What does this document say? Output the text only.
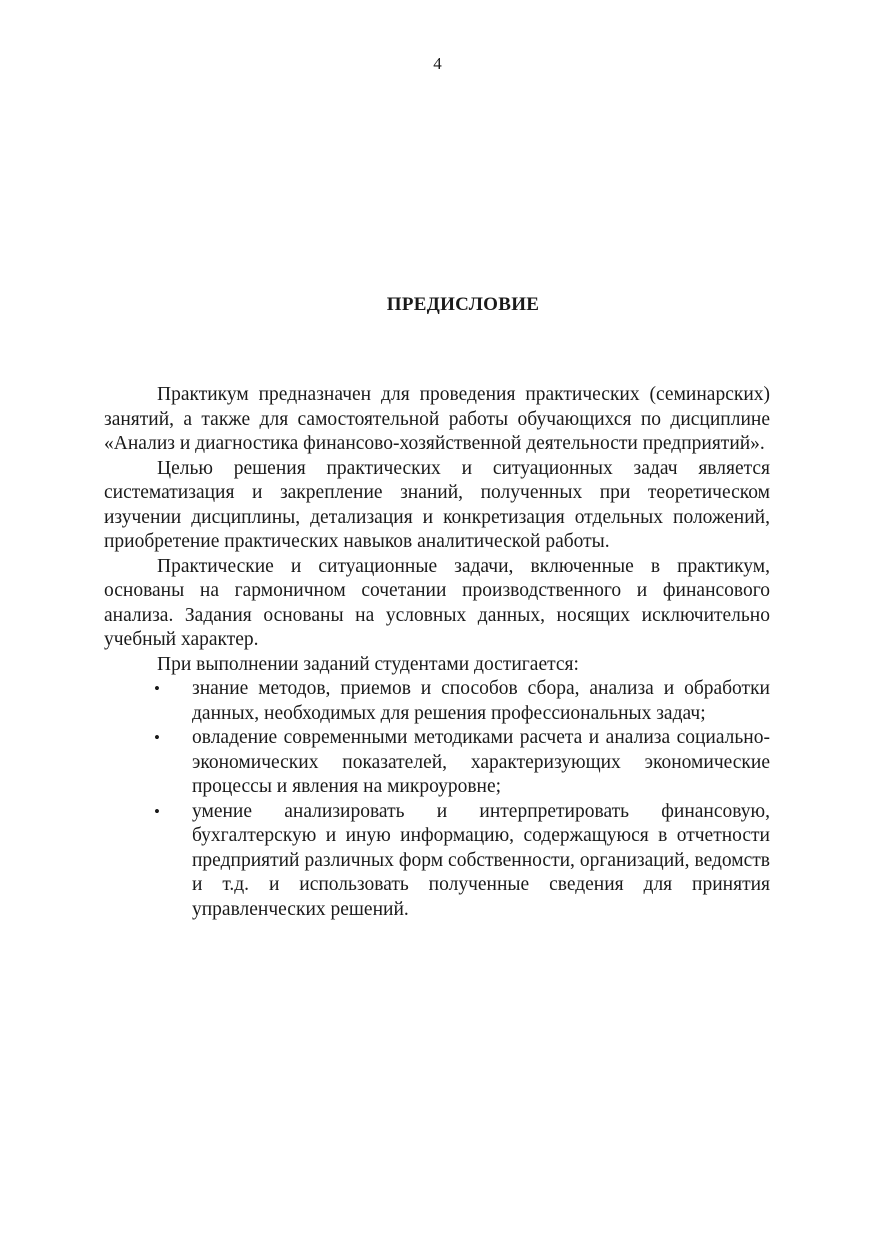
4
ПРЕДИСЛОВИЕ

Практикум предназначен для проведения практических (семинарских) занятий, а также для самостоятельной работы обучающихся по дисциплине «Анализ и диагностика финансово-хозяйственной деятельности предприятий».

Целью решения практических и ситуационных задач является систематизация и закрепление знаний, полученных при теоретическом изучении дисциплины, детализация и конкретизация отдельных положений, приобретение практических навыков аналитической работы.

Практические и ситуационные задачи, включенные в практикум, основаны на гармоничном сочетании производственного и финансового анализа. Задания основаны на условных данных, носящих исключительно учебный характер.

При выполнении заданий студентами достигается:

• знание методов, приемов и способов сбора, анализа и обработки данных, необходимых для решения профессиональных задач;
• овладение современными методиками расчета и анализа социально-экономических показателей, характеризующих экономические процессы и явления на микроуровне;
• умение анализировать и интерпретировать финансовую, бухгалтерскую и иную информацию, содержащуюся в отчетности предприятий различных форм собственности, организаций, ведомств и т.д. и использовать полученные сведения для принятия управленческих решений.
